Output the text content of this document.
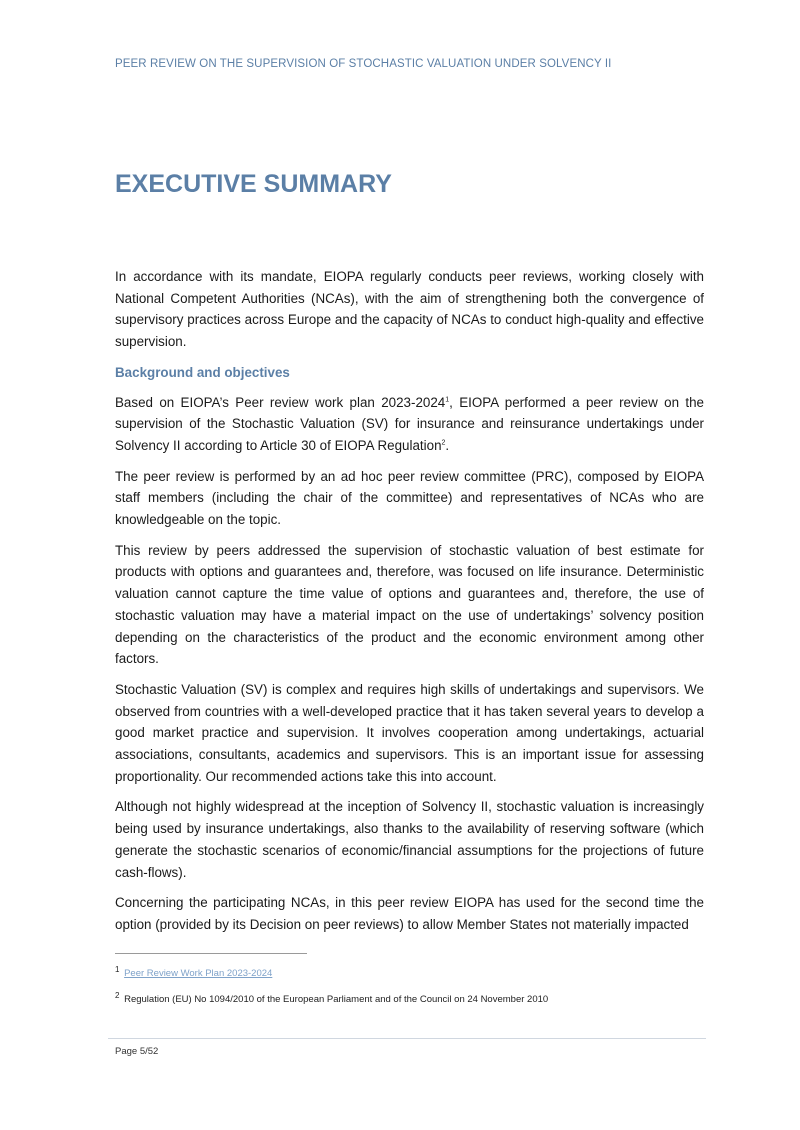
PEER REVIEW ON THE SUPERVISION OF STOCHASTIC VALUATION UNDER SOLVENCY II
EXECUTIVE SUMMARY

In accordance with its mandate, EIOPA regularly conducts peer reviews, working closely with National Competent Authorities (NCAs), with the aim of strengthening both the convergence of supervisory practices across Europe and the capacity of NCAs to conduct high-quality and effective supervision.

Background and objectives

Based on EIOPA’s Peer review work plan 2023-2024$^1$, EIOPA performed a peer review on the supervision of the Stochastic Valuation (SV) for insurance and reinsurance undertakings under Solvency II according to Article 30 of EIOPA Regulation$^2$.

The peer review is performed by an ad hoc peer review committee (PRC), composed by EIOPA staff members (including the chair of the committee) and representatives of NCAs who are knowledgeable on the topic.

This review by peers addressed the supervision of stochastic valuation of best estimate for products with options and guarantees and, therefore, was focused on life insurance. Deterministic valuation cannot capture the time value of options and guarantees and, therefore, the use of stochastic valuation may have a material impact on the use of undertakings’ solvency position depending on the characteristics of the product and the economic environment among other factors.

Stochastic Valuation (SV) is complex and requires high skills of undertakings and supervisors. We observed from countries with a well-developed practice that it has taken several years to develop a good market practice and supervision. It involves cooperation among undertakings, actuarial associations, consultants, academics and supervisors. This is an important issue for assessing proportionality. Our recommended actions take this into account.

Although not highly widespread at the inception of Solvency II, stochastic valuation is increasingly being used by insurance undertakings, also thanks to the availability of reserving software (which generate the stochastic scenarios of economic/financial assumptions for the projections of future cash-flows).

Concerning the participating NCAs, in this peer review EIOPA has used for the second time the option (provided by its Decision on peer reviews) to allow Member States not materially impacted

$^1$ Peer Review Work Plan 2023-2024
$^2$ Regulation (EU) No 1094/2010 of the European Parliament and of the Council on 24 November 2010
Page 5/52
